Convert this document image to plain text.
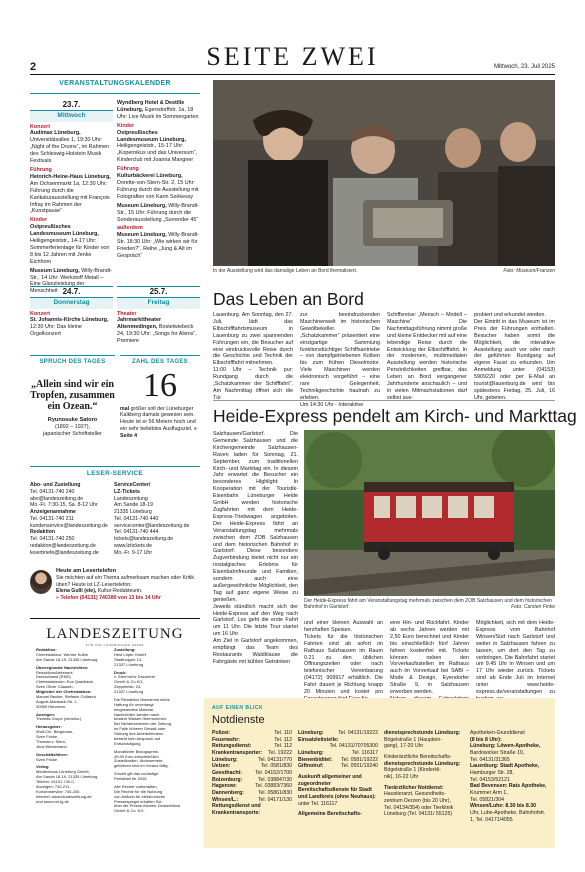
2	SEITE ZWEI	Mittwoch, 23. Juli 2025
VERANSTALTUNGSKALENDER
23.7.
Mittwoch
Konzert
Audimax Lüneburg, Universitätsallee 1, 19:30 Uhr: „Night of the Drums“, im Rahmen des Schleswig-Holstein Musik Festivals
Führung
Heinrich-Heine-Haus Lüneburg, Am Ochsenmarkt 1a, 12:30 Uhr: Führung durch die Karikaturausstellung mit François Infray im Rahmen der „Kunstpause“
Kinder
Ostpreußisches Landesmuseum Lüneburg, Heiligengeiststr., 14-17 Uhr: Sommerferientage für Kinder von 8 bis 12 Jahren mit Jenke Eichhorn
Museum Lüneburg, Willy-Brandt-Str., 14 Uhr: Werkstoff Metall – Eine Glanzleistung der Menschheit
Wyndberg Hotel & Destille Lüneburg, Egersdorffstr. 1a, 18 Uhr: Live Musik im Sommergarten
Kinder
Ostpreußisches Landesmuseum Lüneburg, Heiligengeiststr., 15-17 Uhr: „Kopernikus und das Universum“, Kinderclub mit Joanna Mangner
Führung
Kulturbäckerei Lüneburg, Dorette-von-Stern-Str. 2, 15 Uhr: Führung durch die Ausstellung mit Fotografien von Karin Székessy
Museum Lüneburg, Willy-Brandt-Str., 15 Uhr: Führung durch die Sonderausstellung „Surrender 45“
außerdem
Museum Lüneburg, Willy-Brandt-Str. 18:30 Uhr: „Wie wirken wir für Frieden?“, Reihe „Jung & Alt im Gespräch“
24.7.
Donnerstag
Konzert
St. Johannis-Kirche Lüneburg, 12:30 Uhr: Das kleine Orgelkonzert
25.7.
Freitag
Theater
Jahrmarkttheater Altenmedingen, Bostelwiebeck 24, 19:30 Uhr: „Songs for Aliens“, Premiere
SPRUCH DES TAGES
„Allein sind wir ein Tropfen, zusammen ein Ozean.“
Ryunosuke Satoro
(1892 – 1927),
japanischer Schriftsteller
ZAHL DES TAGES
16
mal größer soll der Lüneburger Kalkberg damals gewesen sein. Heute ist er 56 Metern hoch und ein sehr beliebtes Ausflugsziel. » Seite 4
LESER-SERVICE
Abo- und Zustellung
Tel. 04131-740 240
abo@landeszeitung.de
Mo.-Fr. 7:30-15, Sa. 8-12 Uhr
Anzeigenannahme
Tel. 04131-740 211
kundenservice@landeszeitung.de
Redaktion
Tel. 04131-740 250
redaktion@landeszeitung.de
leserbriefe@landeszeitung.de
ServiceCenter/
LZ-Tickets
Landeszeitung
Am Sande 18-19
21335 Lüneburg
Tel. 04131-740 440
servicecenter@landeszeitung.de
Tel. 04131-740 444
tickets@landeszeitung.de
www.lztickets.de
Mo.-Fr. 9-17 Uhr
Heute am Lesertelefon
Sie möchten auf ein Thema aufmerksam machen oder Kritik üben? Heute ist LZ-Lesertelefon:
Elena Gulli (ele), Kultur-Redakteurin.
» Telefon (04131) 740380 von 13 bis 14 Uhr
LANDESZEITUNG
FÜR DIE LÜNEBURGER HEIDE
Redaktion:
Chefredakteur: Werner Kolbe
Am Sande 18-19, 21335 Lüneburg
Überregionale Nachrichten:
RedaktionsNetzwerk
Deutschland (RND)
Chefredakteurin: Eva Quadbeck,
Sven Oliver Clausen.
Mitglieder der Chefredaktion:
Manuel Becker, Stefanie Gollasch
August-Madsack-Str. 1,
30559 Hannover
Anzeigen:
Thomas Grupe (verantw.)
Herausgeber:
Wolf-Chr. Bergmann,
Sven Fricke,
Thomas v. Stern,
Jens Wiesemann
Geschäftsführer:
Sven Fricke
Verlag:
Medienhaus Lüneburg GmbH,
Am Sande 18-19, 21335 Lüneburg
Telefon: 04131 740-0,
Anzeigen: 740-211,
Kundenservice: 740-240,
Internet: www.landeszeitung.de
und www.mh-lg.de
Zustellung:
Heid Löper GmbH,
Stadthoppel 13,
21337 Lüneburg
Druck:
v. Stern'sche Druckerei
GmbH & Co KG,
Zeppelinstr. 24,
21337 Lüneburg
Die Redaktion übernimmt keine
Haftung für unverlangt
eingesandtes Material.
Nachrichten werden nach
bestem Wissen übernommen.
Bei Nichterscheinen der Zeitung
im Falle höherer Gewalt oder
Störung des Arbeitsfriedens
besteht kein Anspruch auf
Entschädigung.
Monatlicher Bezugspreis:
49,90 Euro einschließlich
Zustellkosten. Abonnement-
gebühren sind im Voraus fällig.
Zurzeit gilt das vorläufige
Preisblatt für 2025.
Alle Rechte vorbehalten.
Die Rechte für die Nutzung
von Artikeln für elektronische
Pressespiegel erhalten Sie
über die Presse-Monitor Deutschland
GmbH & Co. KG.
In der Ausstellung wird das damalige Leben an Bord thematisiert.	Foto: Museum/Franzen
Das Leben an Bord
Lauenburg. Am Sonntag, den 27. Juli, lädt das Elbschifffahrtsmuseum in Lauenburg zu zwei spannenden Führungen ein, die Besucher auf eine eindrucksvolle Reise durch die Geschichte und Technik der Elbschifffahrt mitnehmen.
11:00 Uhr – Technik pur: Rundgang durch die „Schatzkammer der Schifffahrt“. Am Nachmittag öffnet sich die Tür
zur beeindruckenden Maschinenwelt im historischen Gewölbekeller. Die „Schatzkammer“ präsentiert eine einzigartige Sammlung funktionstüchtiger Schiffsantriebe – von dampfgetriebenen Kolben bis zum frühen Dieselmotor. Viele Maschinen werden elektronisch vorgeführt – eine rare Gelegenheit, Technikgeschichte hautnah zu erleben.
Um 14:30 Uhr - Interaktive
Schiffsreise: „Mensch – Modell – Maschine“ Die Nachmittagsführung nimmt große und kleine Entdecker mit auf eine lebendige Reise durch die Entwicklung der Elbschifffahrt. In der modernen, multimedialen Ausstellung werden historische Persönlichkeiten greifbar, das Leben an Bord vergangener Jahrhunderte anschaulich – und in vielen Mitmachstationen darf selbst aus-
probiert und erkundet werden.
Der Eintritt in das Museum ist im Preis der Führungen enthalten. Besucher haben somit die Möglichkeit, die interaktive Ausstellung auch vor oder nach der geführten Rundgang auf eigene Faust zu erkunden. Um Anmeldung unter (04153) 5909220 oder per E-Mail an tourist@lauenburg.de wird bis spätestens Freitag, 25. Juli, 16 Uhr, gebeten.
Heide-Express pendelt am Kirch- und Markttag
Salzhausen/Garlstorf. Die Gemeinde Salzhausen und die Kirchengemeinde Salzhausen-Raven laden für Sonntag, 21. September, zum traditionellen Kirch- und Markttag ein. In diesem Jahr erwartet die Besucher ein besonderes Highlight: In Kooperation mit der Touristik-Eisenbahn Lüneburger Heide GmbH werden historische Zugfahrten mit dem Heide-Express-Triebwagen angeboten. Der Heide-Express fährt an Veranstaltungstag mehrmals zwischen dem ZOB Salzhausen und dem historischen Bahnhof in Garlstorf. Diese besondere Zugverbindung bietet nicht nur ein nostalgisches Erlebnis für Eisenbahnfreunde und Familien, sondern auch eine außergewöhnliche Möglichkeit, den Tag auf ganz eigene Weise zu genießen.
Jeweils stündlich macht sich der Heide-Express auf den Weg nach Garlstorf. Los geht die erste Fahrt um 11 Uhr. Die letzte Tour startet um 16 Uhr.
Am Ziel in Garlstorf angekommen, empfängt das Team des Restaurants Waldklause die Fahrgäste mit kühlen Getränken
Der Heide-Express fährt am Veranstaltungstag mehrmals zwischen dem ZOB Salzhausen und dem historischen Bahnhof in Garlstorf.	Foto: Carsten Finke
und einer kleinen Auswahl an herzhaften Speisen.
Tickets für die historischen Fahrten sind ab sofort im Rathaus Salzhausen im Raum 0.21 zu den üblichen Öffnungszeiten oder nach telefonischer Vereinbarung (04172) 909917 erhältlich. Die Fahrt dauert je Richtung knapp 20 Minuten und kostet pro
eine Hin- und Rückfahrt. Kinder ab sechs Jahren werden mit 2,50 Euro berechnet und Kinder bis einschließlich fünf Jahren fahren kostenfrei mit. Tickets können neben den Vorverkaufsstellen im Rathaus auch im Vorverkauf bei SABI – Mode & Design, Eyendorfer Straße 9, in Salzhausen erworben werden.

Möglichkeit, sich mit dem Heide-Express vom Bahnhof Winsen/Süd nach Garlstorf und weiter in Salzhausen fahren zu lassen, um dort den Tag zu verbringen. Die Bahnfahrt startet um 9.45 Uhr in Winsen und um 17 Uhr wieder zurück. Tickets sind ab Ende Juli im Internet unter www.heide-express.de/veranstaltungen zu
AUF EINEN BLICK
Notdienste
Polizei:	Tel. 110
Feuerwehr:	Tel. 112
Rettungsdienst:	Tel. 112
Krankentransporter: Tel. 19222
Lüneburg:	Tel. 04131/770
Uelzen:	Tel. 0581/830
Geesthacht:	Tel. 04152/1700
Boizenburg:	Tel. 038847/30
Hagenow:	Tel. 03883/7360
Dannenberg:	Tel. 05861/830
Winsen/L.:	Tel. 04171/130
Rettungsdienst und
Krankentransporte:
Lüneburg:	Tel. 04131/19222
Einsatzleitstelle:
Tel. 04131/70705300
Lüneburg:	Tel. 116117
Bienenbiditel: Tel. 0581/19222
Giftnotruf:	Tel. 0551/19240
Auskunft allgemeiner und zugeordneter Bereitschaftsdienste für Stadt und Landkreis (ohne Neuhaus):
unter Tel. 116117
Allgemeine Bereitschafts-
dienstsprechstunde Lüneburg:
Bögelstraße 1 (Hauptein-
gang), 17-20 Uhr
Kinderärztliche Bereitschafts-
dienstsprechstunde Lüneburg:
Bögelstraße 1 (Kinderkli-
nik), 16-22 Uhr
Tierärztlicher Notdienst:
Haustierarzt, Gesundheits-
zentrum Derzen (bis 20 Uhr),
Tel. 04134/354) oder Tierklinik
Lüneburg (Tel. 04131/ 55125)
Apotheken-Grunddienst
(8 bis 8 Uhr):
Lüneburg: Löwen-Apotheke,
Bardowicker Straße 19,
Tel. 04131/31365
Lauenburg: Stadt Apotheke,
Hamburger Str. 28,
Tel. 04153/52121
Bad Bevensen: Rats Apotheke,
Krummer Arm 1,
Tel. 05821/304
Winsen/Luhe: 8.30 bis 8.30
Uhr, Luhe-Apotheke, Bahnhofstr.
1, Tel. 04171/4055
